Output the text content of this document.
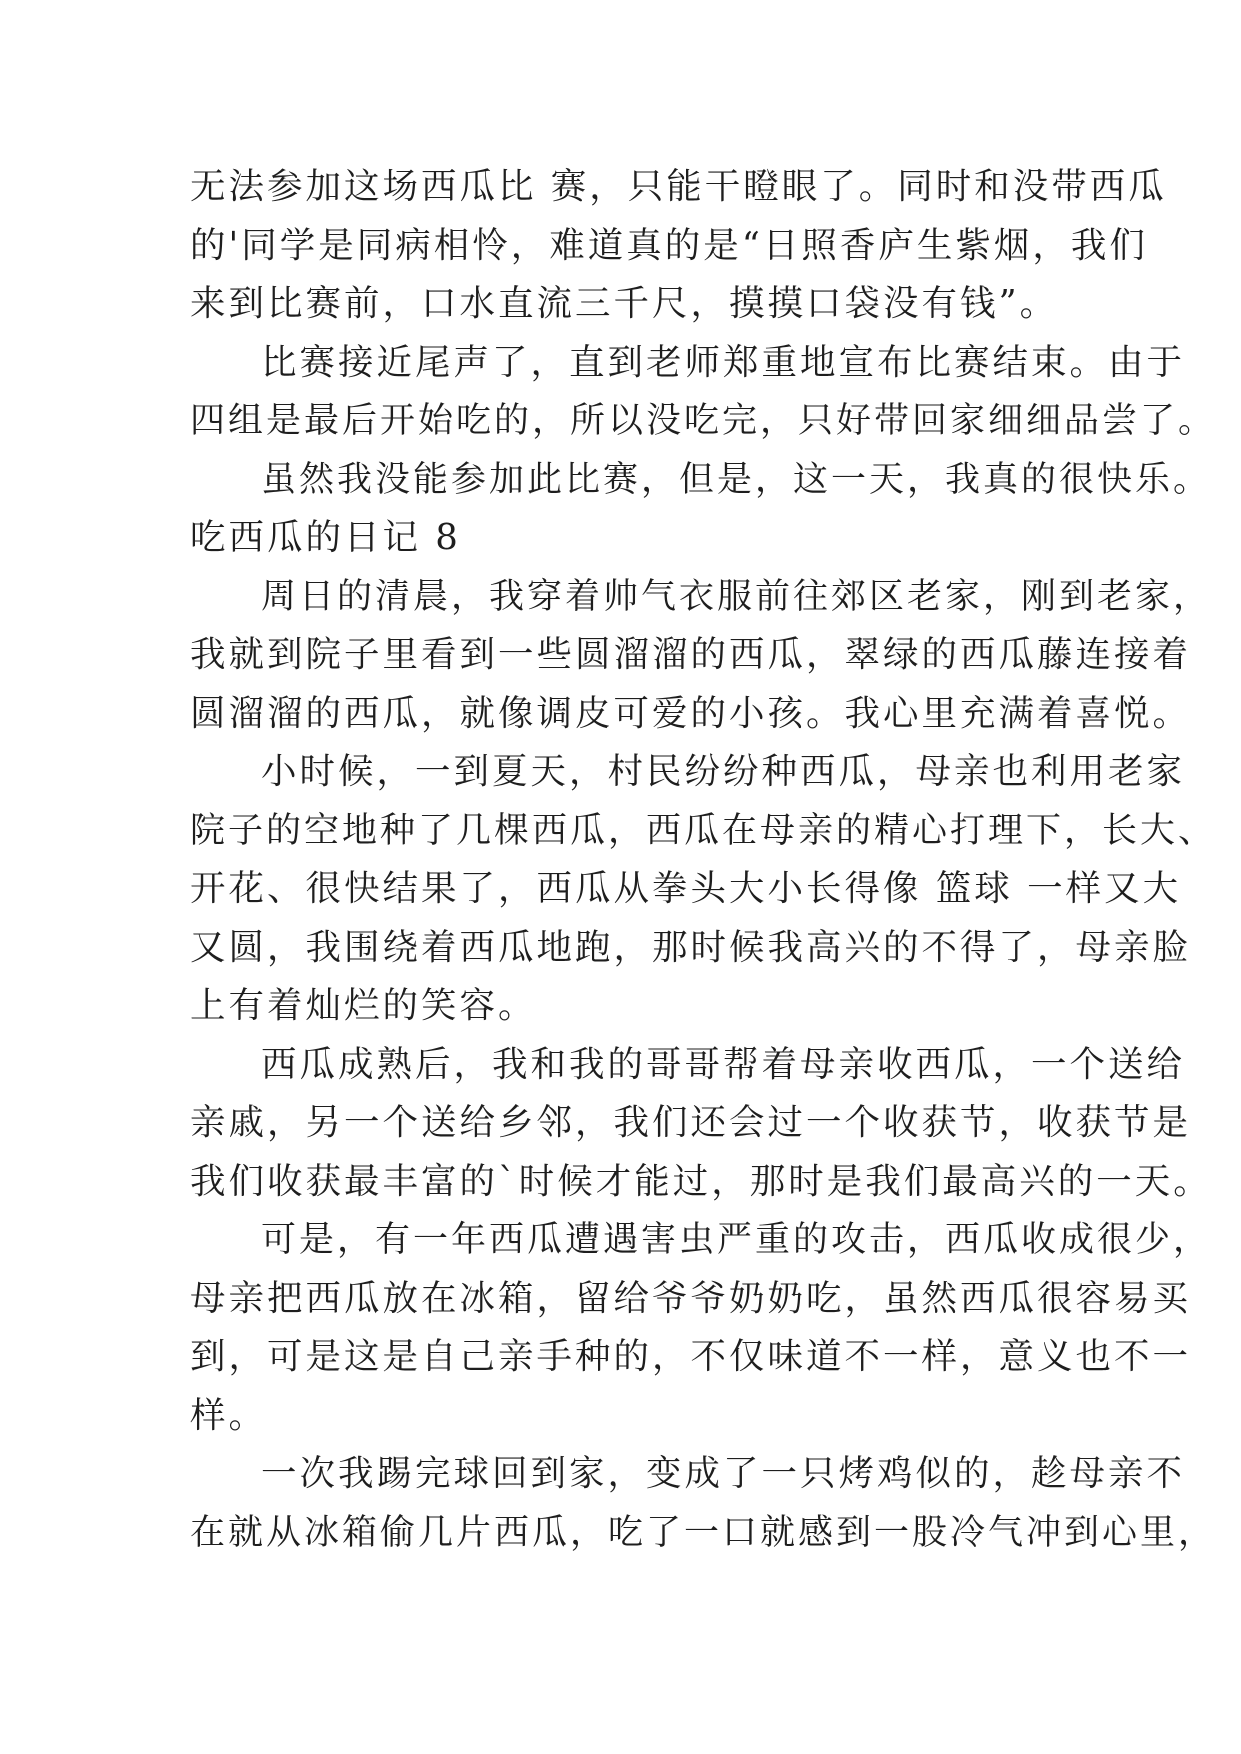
无法参加这场西瓜比 赛，只能干瞪眼了。同时和没带西瓜
的'同学是同病相怜，难道真的是“日照香庐生紫烟，我们
来到比赛前，口水直流三千尺，摸摸口袋没有钱”。
比赛接近尾声了，直到老师郑重地宣布比赛结束。由于
四组是最后开始吃的，所以没吃完，只好带回家细细品尝了。
虽然我没能参加此比赛，但是，这一天，我真的很快乐。
吃西瓜的日记 8
周日的清晨，我穿着帅气衣服前往郊区老家，刚到老家，
我就到院子里看到一些圆溜溜的西瓜，翠绿的西瓜藤连接着
圆溜溜的西瓜，就像调皮可爱的小孩。我心里充满着喜悦。
小时候，一到夏天，村民纷纷种西瓜，母亲也利用老家
院子的空地种了几棵西瓜，西瓜在母亲的精心打理下，长大、
开花、很快结果了，西瓜从拳头大小长得像 篮球 一样又大
又圆，我围绕着西瓜地跑，那时候我高兴的不得了，母亲脸
上有着灿烂的笑容。
西瓜成熟后，我和我的哥哥帮着母亲收西瓜，一个送给
亲戚，另一个送给乡邻，我们还会过一个收获节，收获节是
我们收获最丰富的`时候才能过，那时是我们最高兴的一天。
可是，有一年西瓜遭遇害虫严重的攻击，西瓜收成很少，
母亲把西瓜放在冰箱，留给爷爷奶奶吃，虽然西瓜很容易买
到，可是这是自己亲手种的，不仅味道不一样，意义也不一
样。
一次我踢完球回到家，变成了一只烤鸡似的，趁母亲不
在就从冰箱偷几片西瓜，吃了一口就感到一股冷气冲到心里，
